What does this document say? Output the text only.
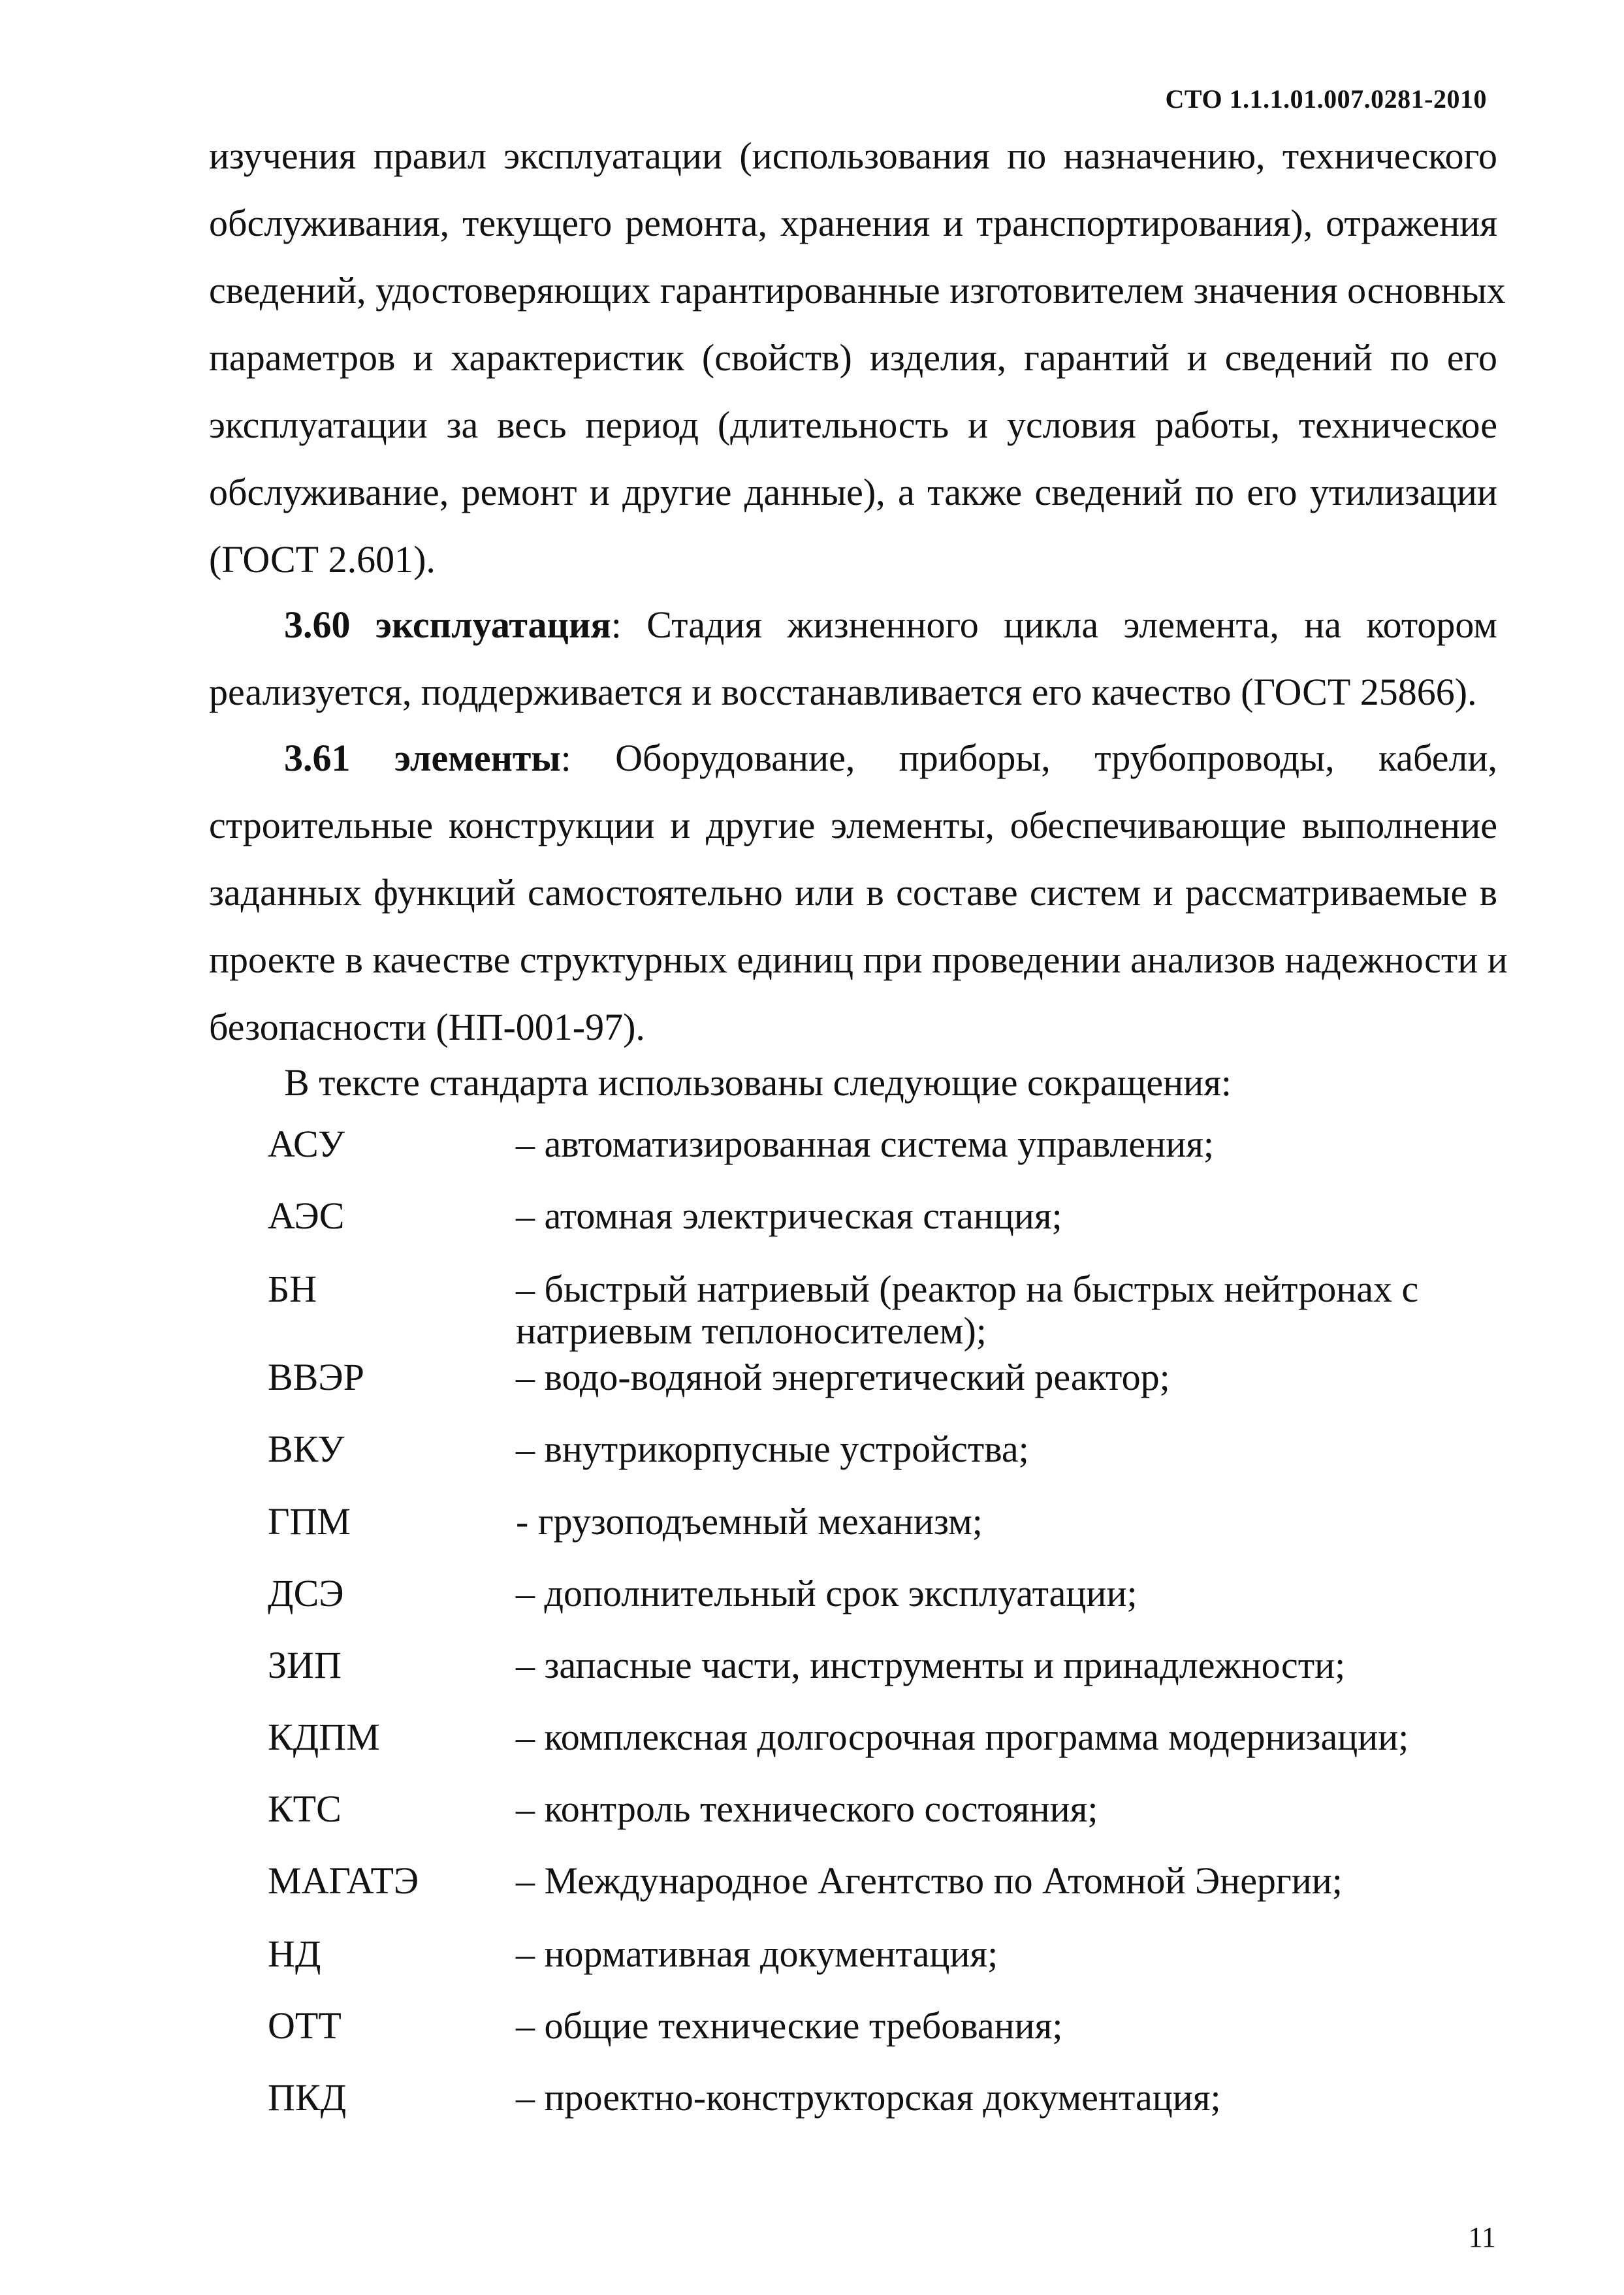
СТО 1.1.1.01.007.0281-2010
изучения правил эксплуатации (использования по назначению, технического
обслуживания, текущего ремонта, хранения и транспортирования), отражения
сведений, удостоверяющих гарантированные изготовителем значения основных
параметров и характеристик (свойств) изделия, гарантий и сведений по его
эксплуатации за весь период (длительность и условия работы, техническое
обслуживание, ремонт и другие данные), а также сведений по его утилизации
(ГОСТ 2.601).
3.60 эксплуатация: Стадия жизненного цикла элемента, на котором
реализуется, поддерживается и восстанавливается его качество (ГОСТ 25866).
3.61 элементы: Оборудование, приборы, трубопроводы, кабели,
строительные конструкции и другие элементы, обеспечивающие выполнение
заданных функций самостоятельно или в составе систем и рассматриваемые в
проекте в качестве структурных единиц при проведении анализов надежности и
безопасности (НП-001-97).
В тексте стандарта использованы следующие сокращения:
АСУ	– автоматизированная система управления;
АЭС	– атомная электрическая станция;
БН	– быстрый натриевый (реактор на быстрых нейтронах с
натриевым теплоносителем);
ВВЭР	– водо-водяной энергетический реактор;
ВКУ	– внутрикорпусные устройства;
ГПМ	- грузоподъемный механизм;
ДСЭ	– дополнительный срок эксплуатации;
ЗИП	– запасные части, инструменты и принадлежности;
КДПМ	– комплексная долгосрочная программа модернизации;
КТС	– контроль технического состояния;
МАГАТЭ	– Международное Агентство по Атомной Энергии;
НД	– нормативная документация;
ОТТ	– общие технические требования;
ПКД	– проектно-конструкторская документация;
11
